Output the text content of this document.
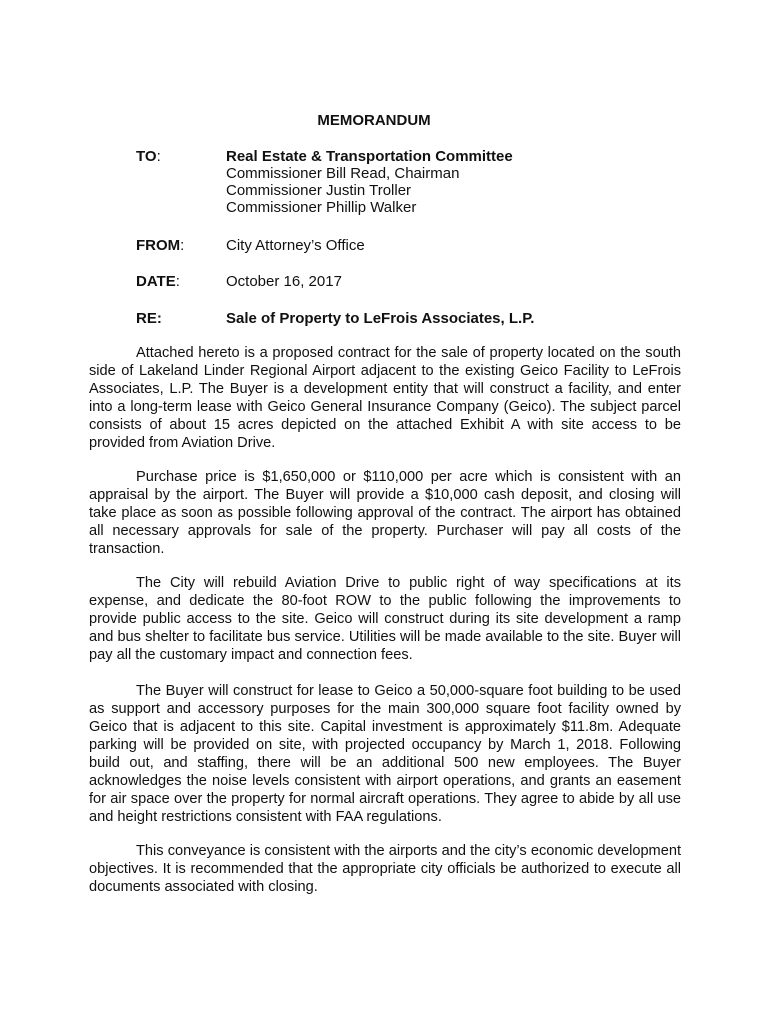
MEMORANDUM
TO:	Real Estate & Transportation Committee
Commissioner Bill Read, Chairman
Commissioner Justin Troller
Commissioner Phillip Walker
FROM:	City Attorney’s Office
DATE:	October 16, 2017
RE:	Sale of Property to LeFrois Associates, L.P.

Attached hereto is a proposed contract for the sale of property located on the south side of Lakeland Linder Regional Airport adjacent to the existing Geico Facility to LeFrois Associates, L.P. The Buyer is a development entity that will construct a facility, and enter into a long-term lease with Geico General Insurance Company (Geico). The subject parcel consists of about 15 acres depicted on the attached Exhibit A with site access to be provided from Aviation Drive.

Purchase price is $1,650,000 or $110,000 per acre which is consistent with an appraisal by the airport. The Buyer will provide a $10,000 cash deposit, and closing will take place as soon as possible following approval of the contract. The airport has obtained all necessary approvals for sale of the property. Purchaser will pay all costs of the transaction.

The City will rebuild Aviation Drive to public right of way specifications at its expense, and dedicate the 80-foot ROW to the public following the improvements to provide public access to the site. Geico will construct during its site development a ramp and bus shelter to facilitate bus service. Utilities will be made available to the site. Buyer will pay all the customary impact and connection fees.

The Buyer will construct for lease to Geico a 50,000-square foot building to be used as support and accessory purposes for the main 300,000 square foot facility owned by Geico that is adjacent to this site. Capital investment is approximately $11.8m. Adequate parking will be provided on site, with projected occupancy by March 1, 2018. Following build out, and staffing, there will be an additional 500 new employees. The Buyer acknowledges the noise levels consistent with airport operations, and grants an easement for air space over the property for normal aircraft operations. They agree to abide by all use and height restrictions consistent with FAA regulations.

This conveyance is consistent with the airports and the city’s economic development objectives. It is recommended that the appropriate city officials be authorized to execute all documents associated with closing.
